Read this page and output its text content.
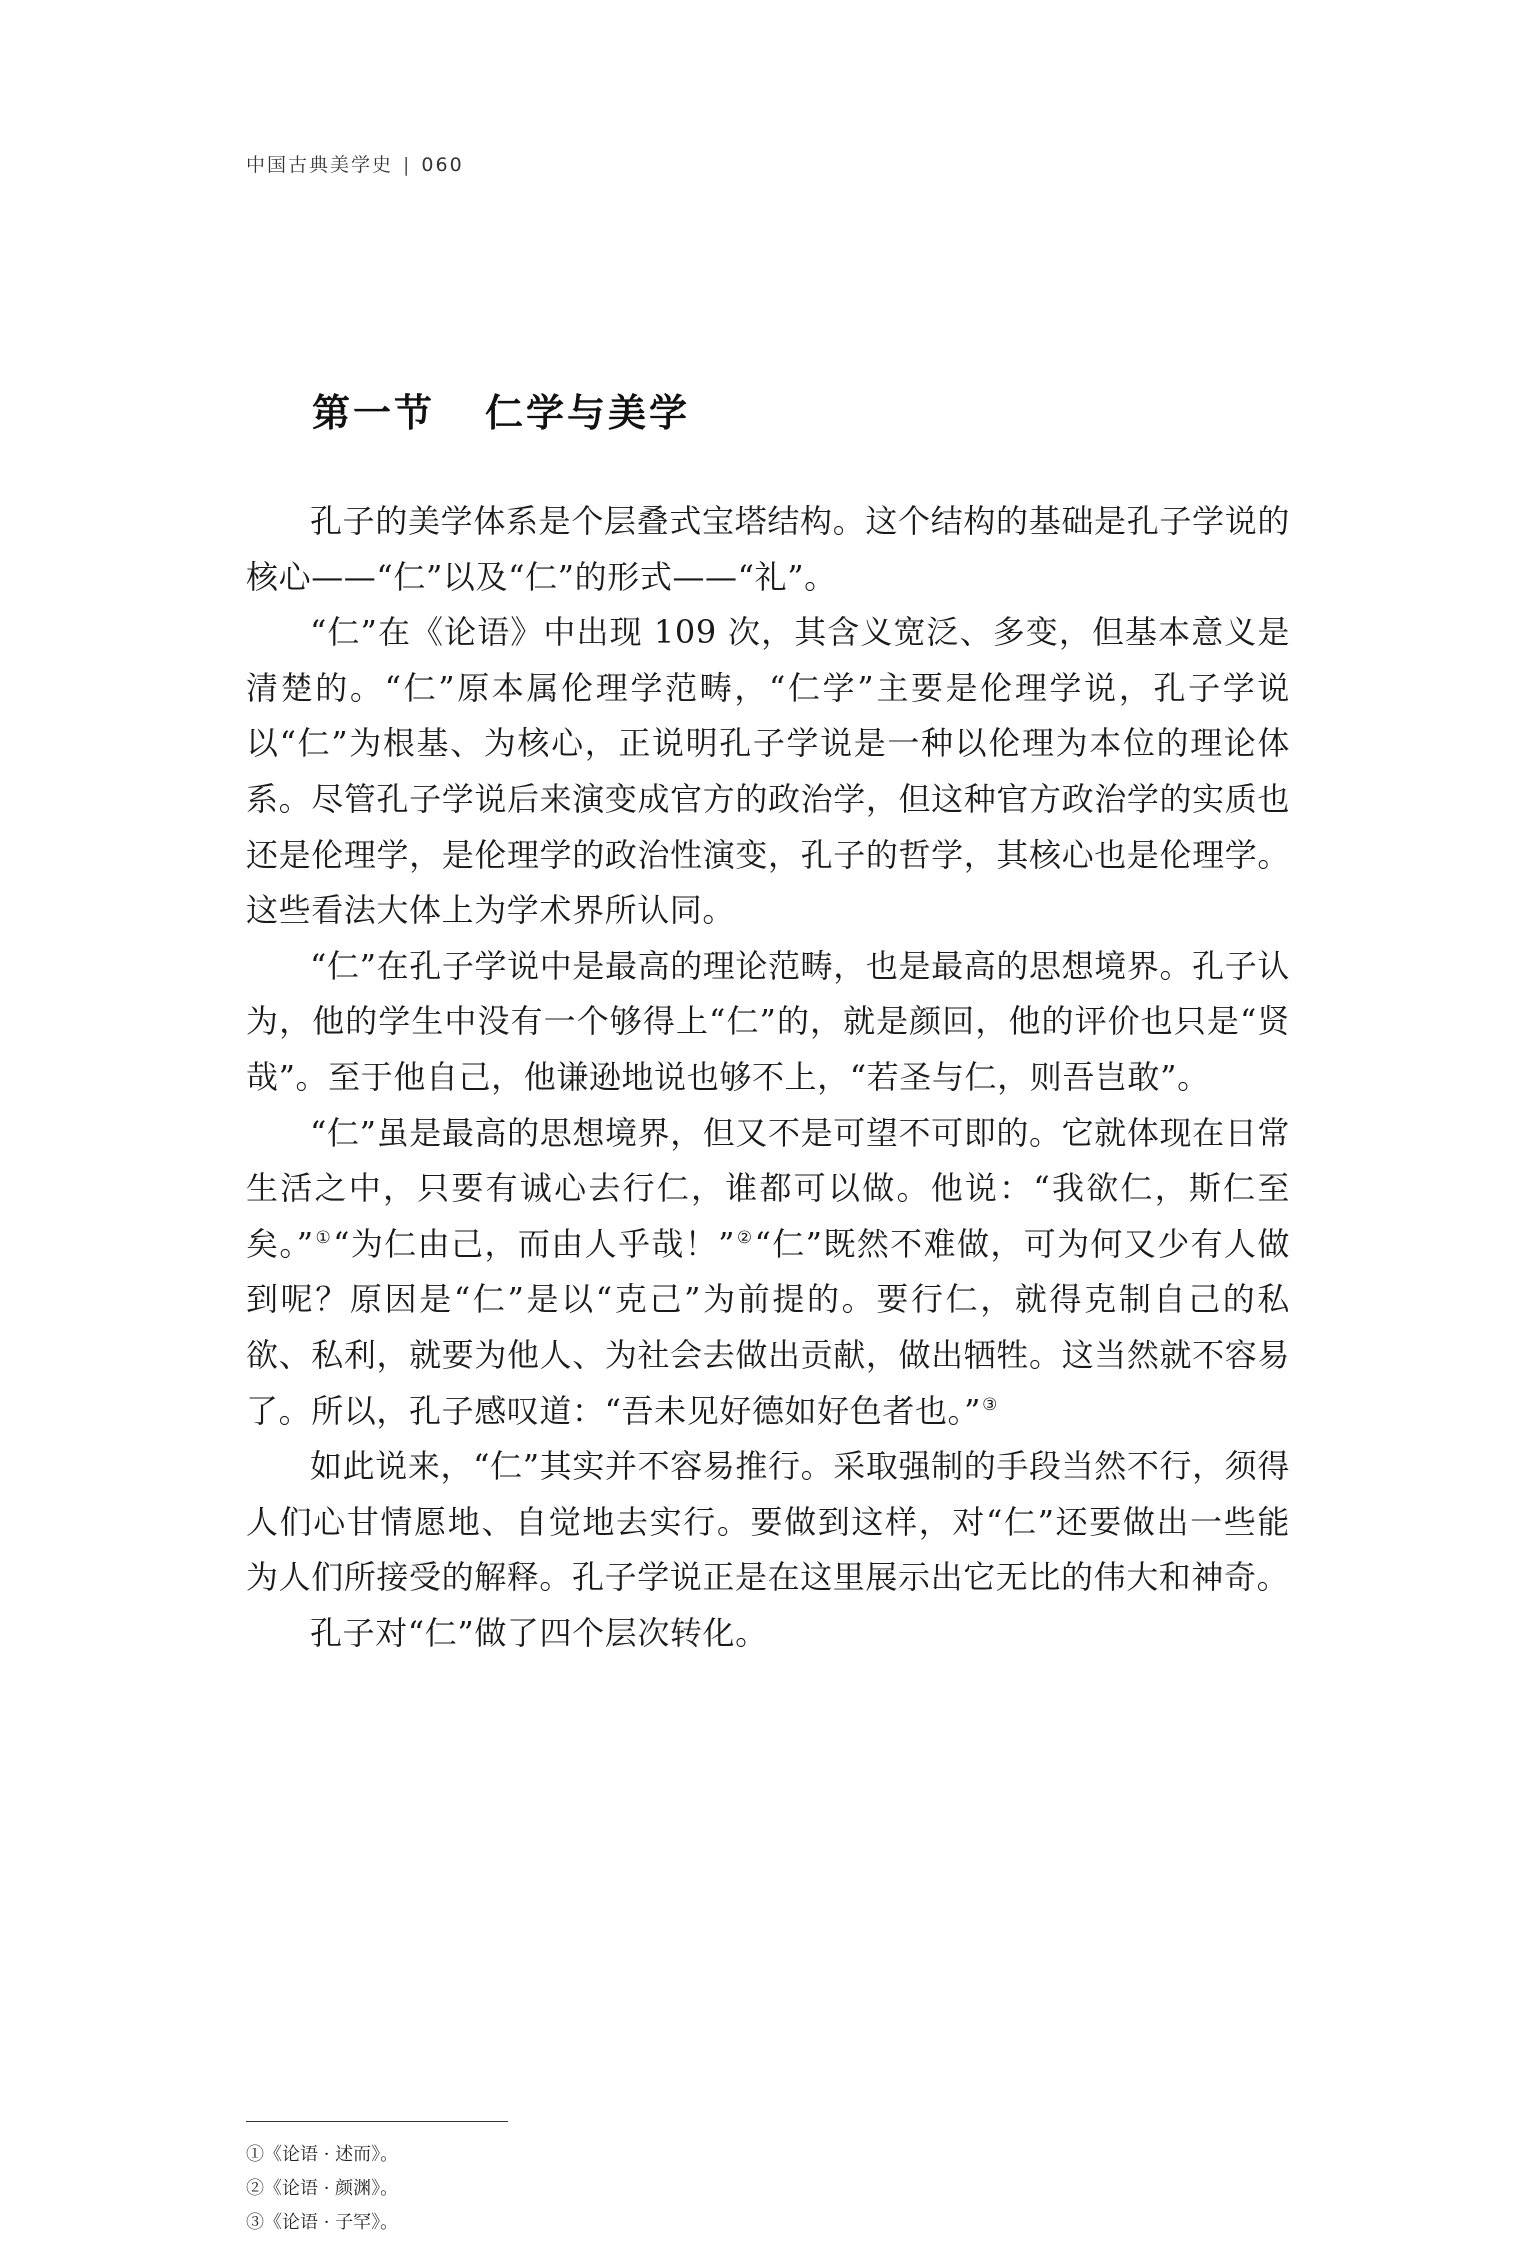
中国古典美学史 | 060
第一节 仁学与美学

孔子的美学体系是个层叠式宝塔结构。这个结构的基础是孔子学说的核心——“仁”以及“仁”的形式——“礼”。

“仁”在《论语》中出现 109 次，其含义宽泛、多变，但基本意义是清楚的。“仁”原本属伦理学范畴，“仁学”主要是伦理学说，孔子学说以“仁”为根基、为核心，正说明孔子学说是一种以伦理为本位的理论体系。尽管孔子学说后来演变成官方的政治学，但这种官方政治学的实质也还是伦理学，是伦理学的政治性演变，孔子的哲学，其核心也是伦理学。这些看法大体上为学术界所认同。

“仁”在孔子学说中是最高的理论范畴，也是最高的思想境界。孔子认为，他的学生中没有一个够得上“仁”的，就是颜回，他的评价也只是“贤哉”。至于他自己，他谦逊地说也够不上，“若圣与仁，则吾岂敢”。

“仁”虽是最高的思想境界，但又不是可望不可即的。它就体现在日常生活之中，只要有诚心去行仁，谁都可以做。他说：“我欲仁，斯仁至矣。”①“为仁由己，而由人乎哉！”②“仁”既然不难做，可为何又少有人做到呢？原因是“仁”是以“克己”为前提的。要行仁，就得克制自己的私欲、私利，就要为他人、为社会去做出贡献，做出牺牲。这当然就不容易了。所以，孔子感叹道：“吾未见好德如好色者也。”③

如此说来，“仁”其实并不容易推行。采取强制的手段当然不行，须得人们心甘情愿地、自觉地去实行。要做到这样，对“仁”还要做出一些能为人们所接受的解释。孔子学说正是在这里展示出它无比的伟大和神奇。

孔子对“仁”做了四个层次转化。

①《论语 · 述而》。
②《论语 · 颜渊》。
③《论语 · 子罕》。
